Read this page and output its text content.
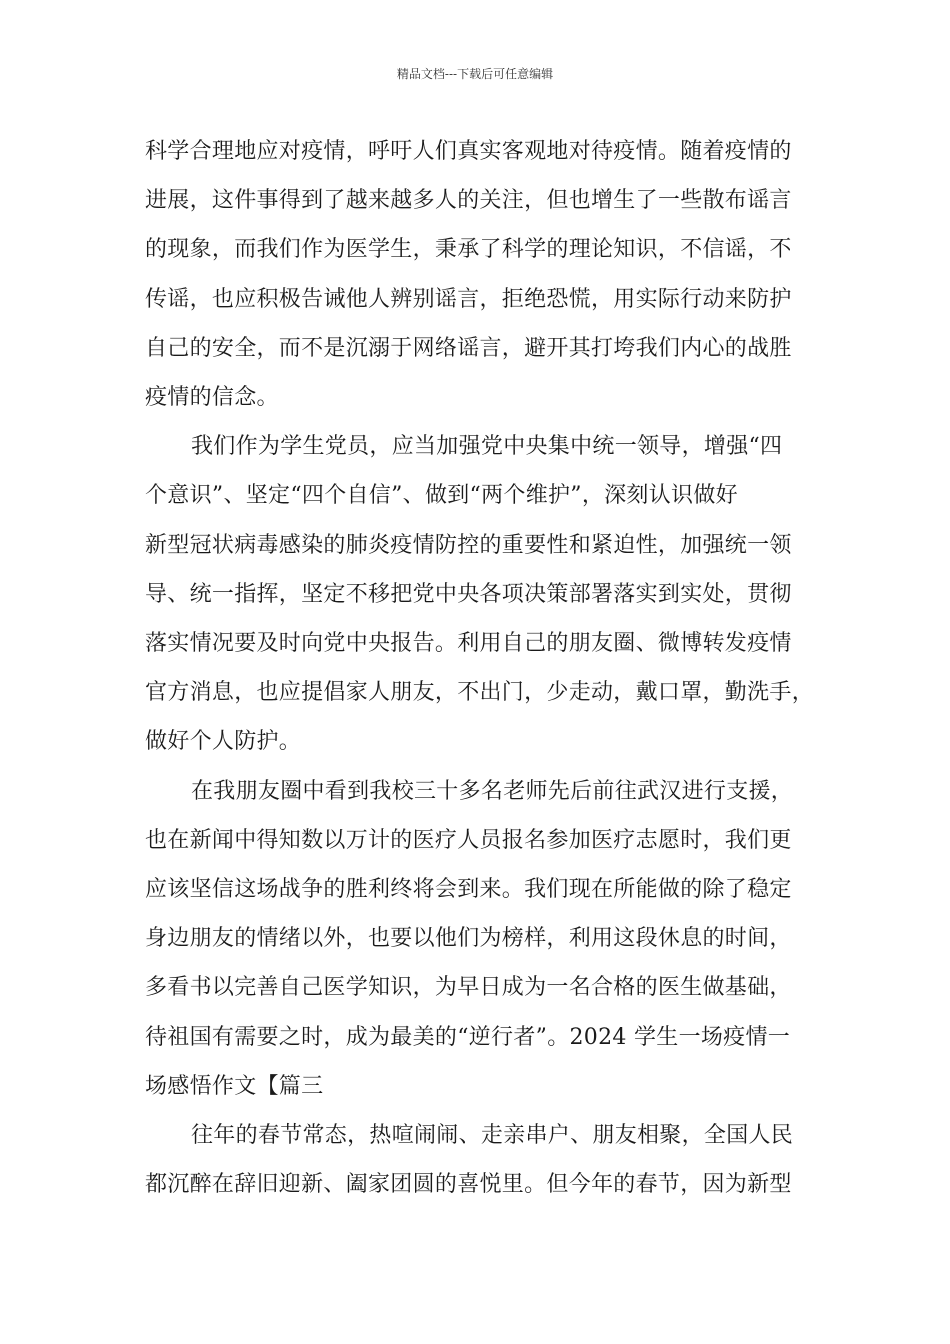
精品文档---下载后可任意编辑

科学合理地应对疫情，呼吁人们真实客观地对待疫情。随着疫情的
进展，这件事得到了越来越多人的关注，但也增生了一些散布谣言
的现象，而我们作为医学生，秉承了科学的理论知识，不信谣，不
传谣，也应积极告诫他人辨别谣言，拒绝恐慌，用实际行动来防护
自己的安全，而不是沉溺于网络谣言，避开其打垮我们内心的战胜
疫情的信念。

我们作为学生党员，应当加强党中央集中统一领导，增强“四
个意识”、坚定“四个自信”、做到“两个维护”，深刻认识做好
新型冠状病毒感染的肺炎疫情防控的重要性和紧迫性，加强统一领
导、统一指挥，坚定不移把党中央各项决策部署落实到实处，贯彻
落实情况要及时向党中央报告。利用自己的朋友圈、微博转发疫情
官方消息，也应提倡家人朋友，不出门，少走动，戴口罩，勤洗手，
做好个人防护。

在我朋友圈中看到我校三十多名老师先后前往武汉进行支援，
也在新闻中得知数以万计的医疗人员报名参加医疗志愿时，我们更
应该坚信这场战争的胜利终将会到来。我们现在所能做的除了稳定
身边朋友的情绪以外，也要以他们为榜样，利用这段休息的时间，
多看书以完善自己医学知识，为早日成为一名合格的医生做基础，
待祖国有需要之时，成为最美的“逆行者”。2024 学生一场疫情一
场感悟作文【篇三

往年的春节常态，热喧闹闹、走亲串户、朋友相聚，全国人民
都沉醉在辞旧迎新、阖家团圆的喜悦里。但今年的春节，因为新型
